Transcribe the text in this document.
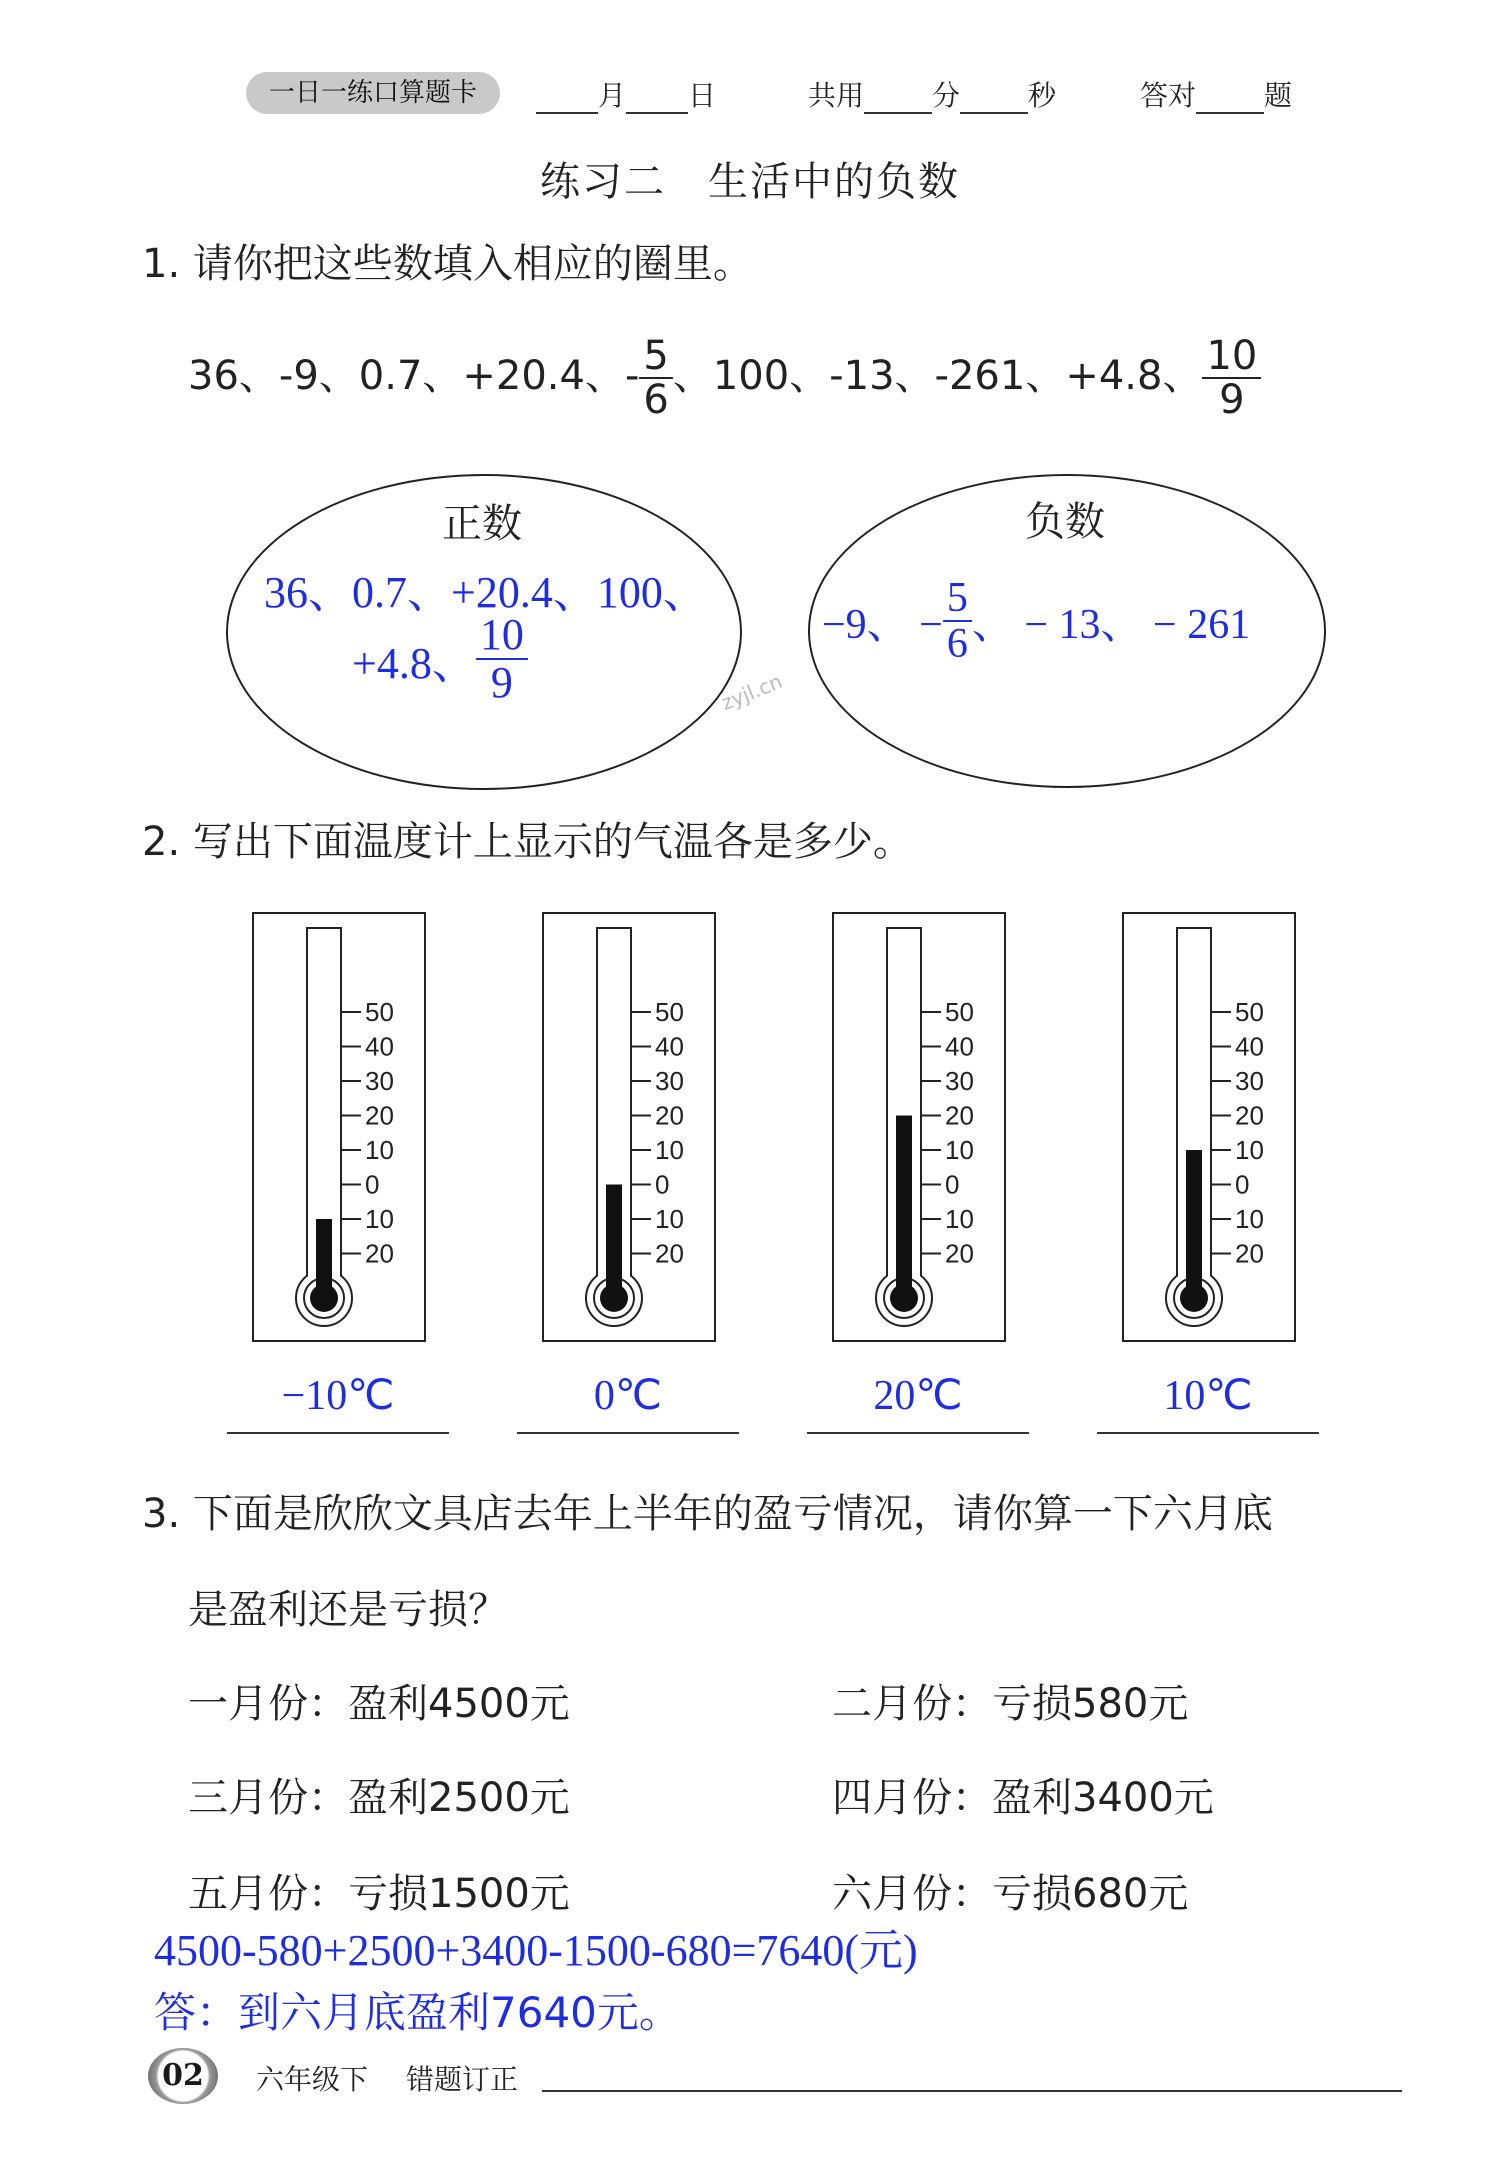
一日一练口算题卡	月 日	共用 分 秒	答对 题
练习二　生活中的负数
1. 请你把这些数填入相应的圈里。
36、-9、0.7、+20.4、- $\frac{5}{6}$ 、100、-13、-261、+4.8、 $\frac{10}{9}$
正数
36、0.7、+20.4、100、
+4.8、 $\frac{10}{9}$
负数
−9、 − $\frac{5}{6}$ 、 − 13、 − 261
zyjl.cn
2. 写出下面温度计上显示的气温各是多少。
50
40
30
20
10
0
10
20
−10℃
50
40
30
20
10
0
10
20
0℃
50
40
30
20
10
0
10
20
20℃
50
40
30
20
10
0
10
20
10℃
3. 下面是欣欣文具店去年上半年的盈亏情况，请你算一下六月底
是盈利还是亏损？
一月份：盈利4500元	二月份：亏损580元
三月份：盈利2500元	四月份：盈利3400元
五月份：亏损1500元	六月份：亏损680元
4500-580+2500+3400-1500-680=7640(元)
答：到六月底盈利7640元。
02	六年级下 错题订正
